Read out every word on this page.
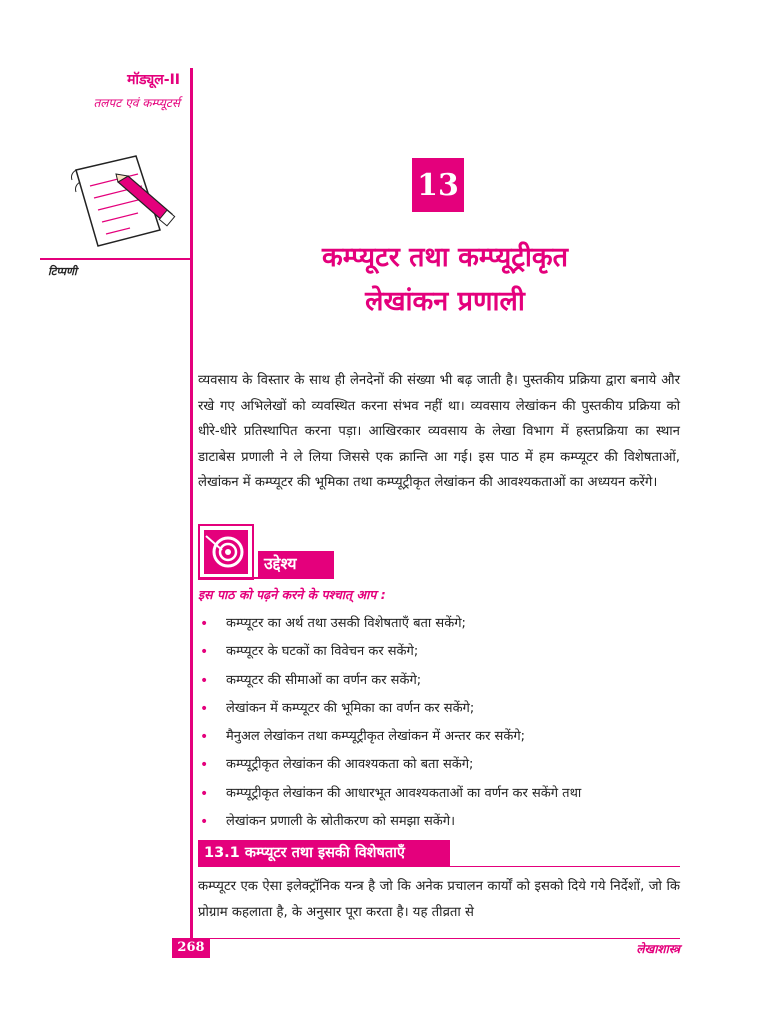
मॉड्यूल-II
तलपट एवं कम्प्यूटर्स
टिप्पणी
13
कम्प्यूटर तथा कम्प्यूट्रीकृत
लेखांकन प्रणाली
व्यवसाय के विस्तार के साथ ही लेनदेनों की संख्या भी बढ़ जाती है। पुस्तकीय प्रक्रिया द्वारा बनाये और रखे गए अभिलेखों को व्यवस्थित करना संभव नहीं था। व्यवसाय लेखांकन की पुस्तकीय प्रक्रिया को धीरे-धीरे प्रतिस्थापित करना पड़ा। आखिरकार व्यवसाय के लेखा विभाग में हस्तप्रक्रिया का स्थान डाटाबेस प्रणाली ने ले लिया जिससे एक क्रान्ति आ गई। इस पाठ में हम कम्प्यूटर की विशेषताओं, लेखांकन में कम्प्यूटर की भूमिका तथा कम्प्यूट्रीकृत लेखांकन की आवश्यकताओं का अध्ययन करेंगे।
उद्देश्य
इस पाठ को पढ़ने करने के पश्चात् आप :
• कम्प्यूटर का अर्थ तथा उसकी विशेषताएँ बता सकेंगे;
• कम्प्यूटर के घटकों का विवेचन कर सकेंगे;
• कम्प्यूटर की सीमाओं का वर्णन कर सकेंगे;
• लेखांकन में कम्प्यूटर की भूमिका का वर्णन कर सकेंगे;
• मैनुअल लेखांकन तथा कम्प्यूट्रीकृत लेखांकन में अन्तर कर सकेंगे;
• कम्प्यूट्रीकृत लेखांकन की आवश्यकता को बता सकेंगे;
• कम्प्यूट्रीकृत लेखांकन की आधारभूत आवश्यकताओं का वर्णन कर सकेंगे तथा
• लेखांकन प्रणाली के स्रोतीकरण को समझा सकेंगे।
13.1 कम्प्यूटर तथा इसकी विशेषताएँ
कम्प्यूटर एक ऐसा इलेक्ट्रॉनिक यन्त्र है जो कि अनेक प्रचालन कार्यों को इसको दिये गये निर्देशों, जो कि प्रोग्राम कहलाता है, के अनुसार पूरा करता है। यह तीव्रता से
268	लेखाशास्त्र
